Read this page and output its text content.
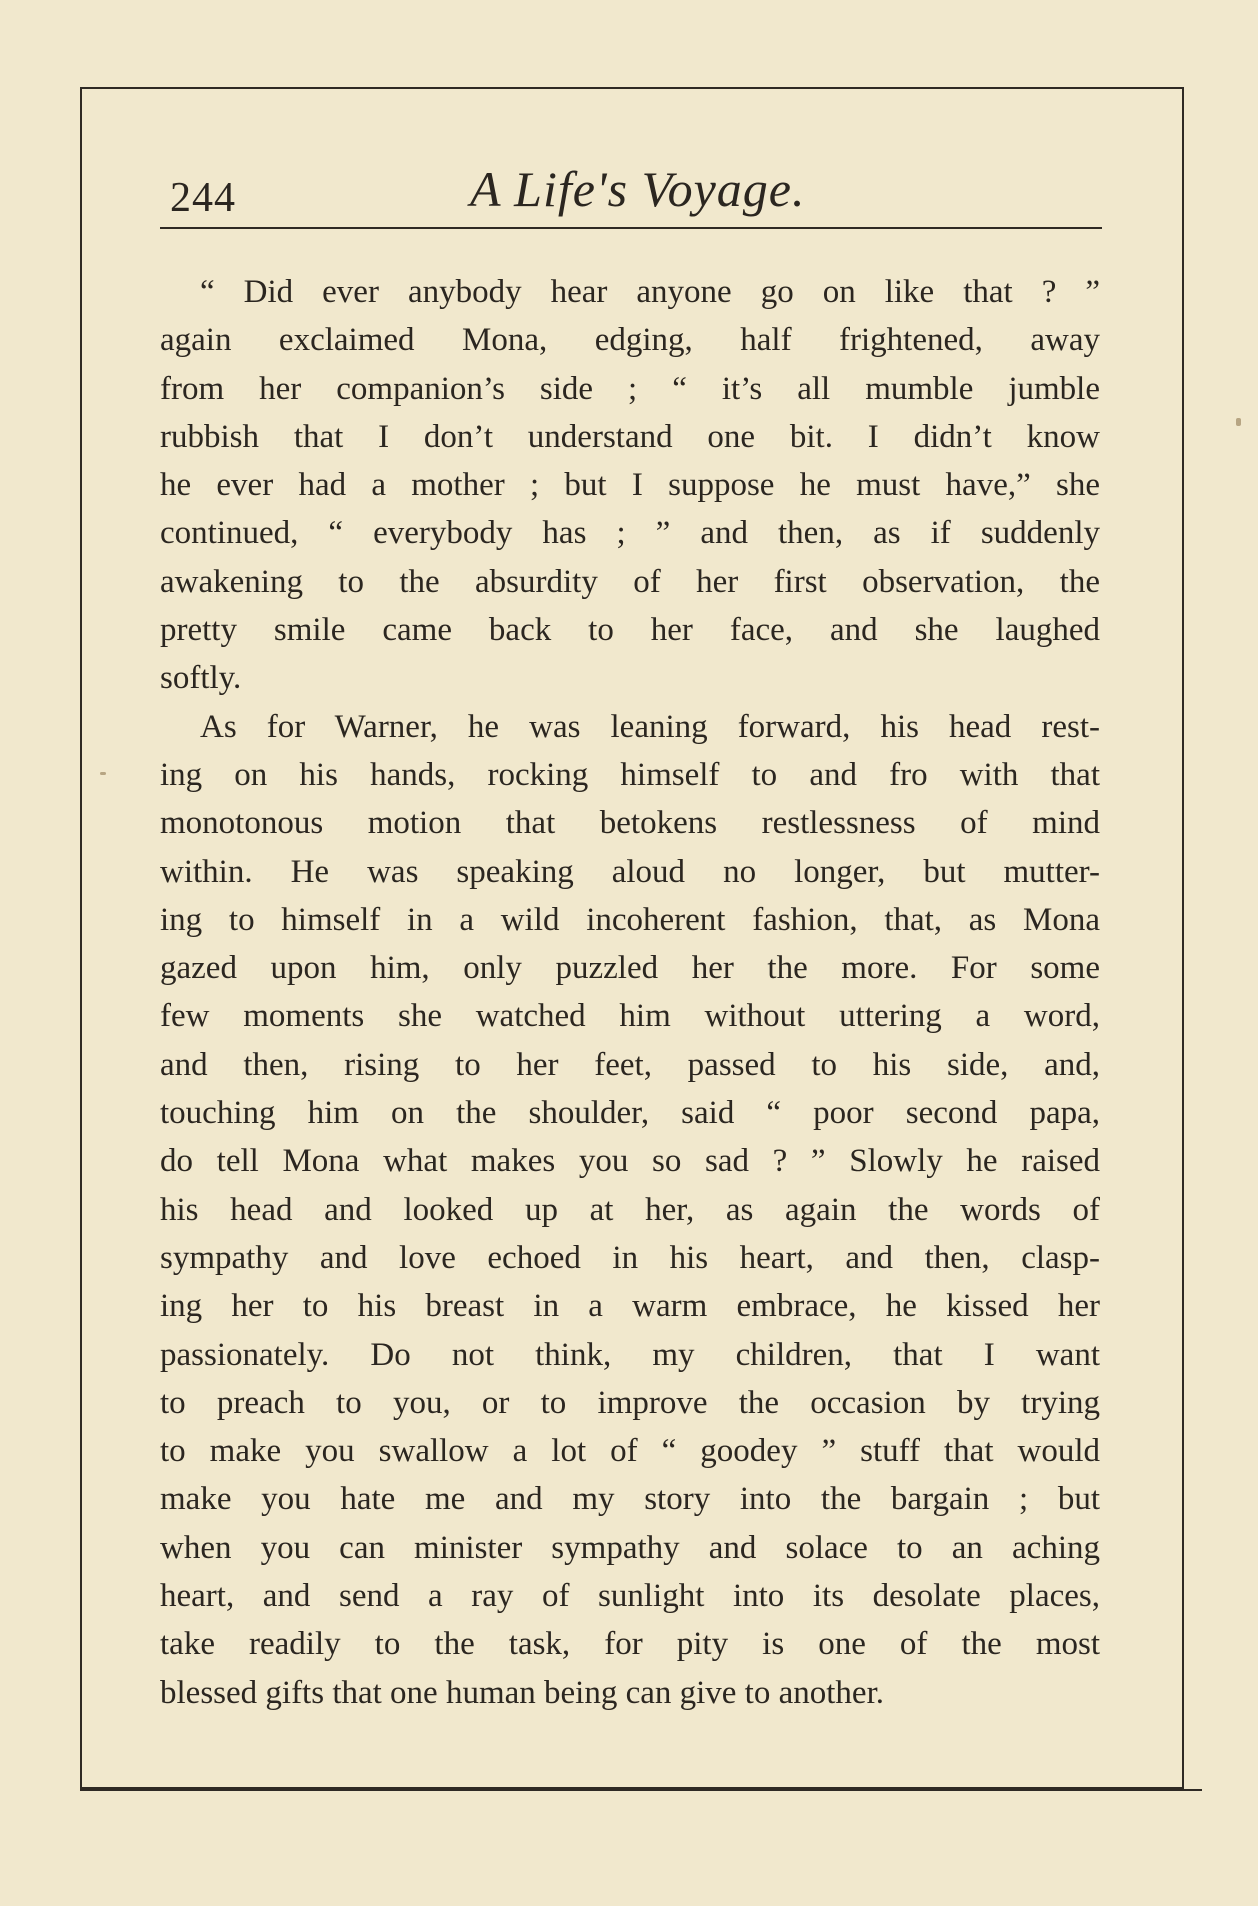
244	A Life's Voyage.
“ Did ever anybody hear anyone go on like that ? ”
again exclaimed Mona, edging, half frightened, away
from her companion’s side ; “ it’s all mumble jumble
rubbish that I don’t understand one bit. I didn’t know
he ever had a mother ; but I suppose he must have,” she
continued, “ everybody has ; ” and then, as if suddenly
awakening to the absurdity of her first observation, the
pretty smile came back to her face, and she laughed
softly.
As for Warner, he was leaning forward, his head rest-
ing on his hands, rocking himself to and fro with that
monotonous motion that betokens restlessness of mind
within. He was speaking aloud no longer, but mutter-
ing to himself in a wild incoherent fashion, that, as Mona
gazed upon him, only puzzled her the more. For some
few moments she watched him without uttering a word,
and then, rising to her feet, passed to his side, and,
touching him on the shoulder, said “ poor second papa,
do tell Mona what makes you so sad ? ” Slowly he raised
his head and looked up at her, as again the words of
sympathy and love echoed in his heart, and then, clasp-
ing her to his breast in a warm embrace, he kissed her
passionately. Do not think, my children, that I want
to preach to you, or to improve the occasion by trying
to make you swallow a lot of “ goodey ” stuff that would
make you hate me and my story into the bargain ; but
when you can minister sympathy and solace to an aching
heart, and send a ray of sunlight into its desolate places,
take readily to the task, for pity is one of the most
blessed gifts that one human being can give to another.
